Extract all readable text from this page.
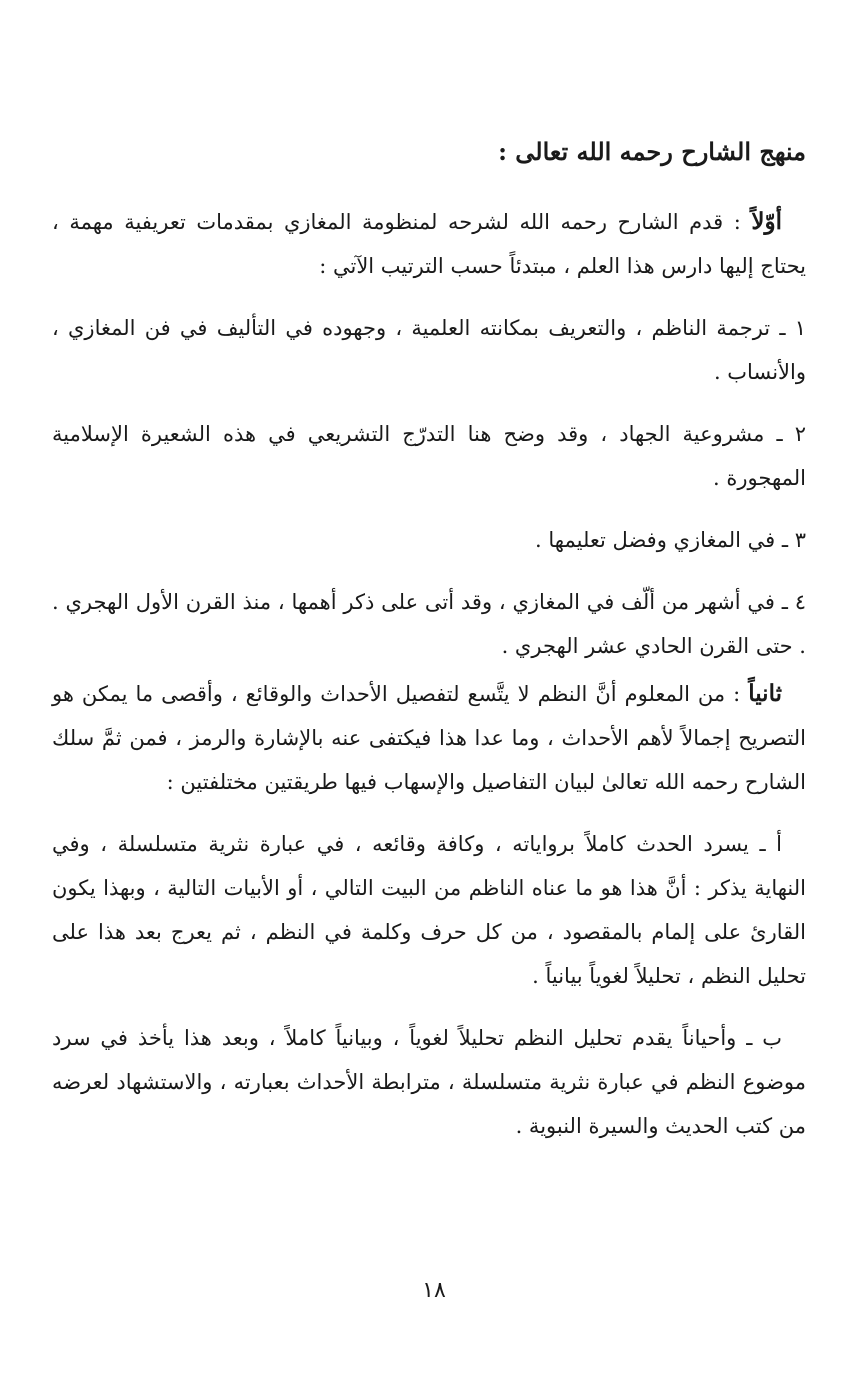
منهج الشارح رحمه الله تعالى :

أوّلاً : قدم الشارح رحمه الله لشرحه لمنظومة المغازي بمقدمات تعريفية مهمة ، يحتاج إليها دارس هذا العلم ، مبتدئاً حسب الترتيب الآتي :

١ ـ ترجمة الناظم ، والتعريف بمكانته العلمية ، وجهوده في التأليف في فن المغازي ، والأنساب .

٢ ـ مشروعية الجهاد ، وقد وضح هنا التدرّج التشريعي في هذه الشعيرة الإسلامية المهجورة .

٣ ـ في المغازي وفضل تعليمها .

٤ ـ في أشهر من ألّف في المغازي ، وقد أتى على ذكر أهمها ، منذ القرن الأول الهجري . . حتى القرن الحادي عشر الهجري .

ثانياً : من المعلوم أنَّ النظم لا يتَّسع لتفصيل الأحداث والوقائع ، وأقصى ما يمكن هو التصريح إجمالاً لأهم الأحداث ، وما عدا هذا فيكتفى عنه بالإشارة والرمز ، فمن ثمَّ سلك الشارح رحمه الله تعالىٰ لبيان التفاصيل والإسهاب فيها طريقتين مختلفتين :

أ ـ يسرد الحدث كاملاً برواياته ، وكافة وقائعه ، في عبارة نثرية متسلسلة ، وفي النهاية يذكر : أنَّ هذا هو ما عناه الناظم من البيت التالي ، أو الأبيات التالية ، وبهذا يكون القارئ على إلمام بالمقصود ، من كل حرف وكلمة في النظم ، ثم يعرج بعد هذا على تحليل النظم ، تحليلاً لغوياً بيانياً .

ب ـ وأحياناً يقدم تحليل النظم تحليلاً لغوياً ، وبيانياً كاملاً ، وبعد هذا يأخذ في سرد موضوع النظم في عبارة نثرية متسلسلة ، مترابطة الأحداث بعبارته ، والاستشهاد لعرضه من كتب الحديث والسيرة النبوية .

١٨
